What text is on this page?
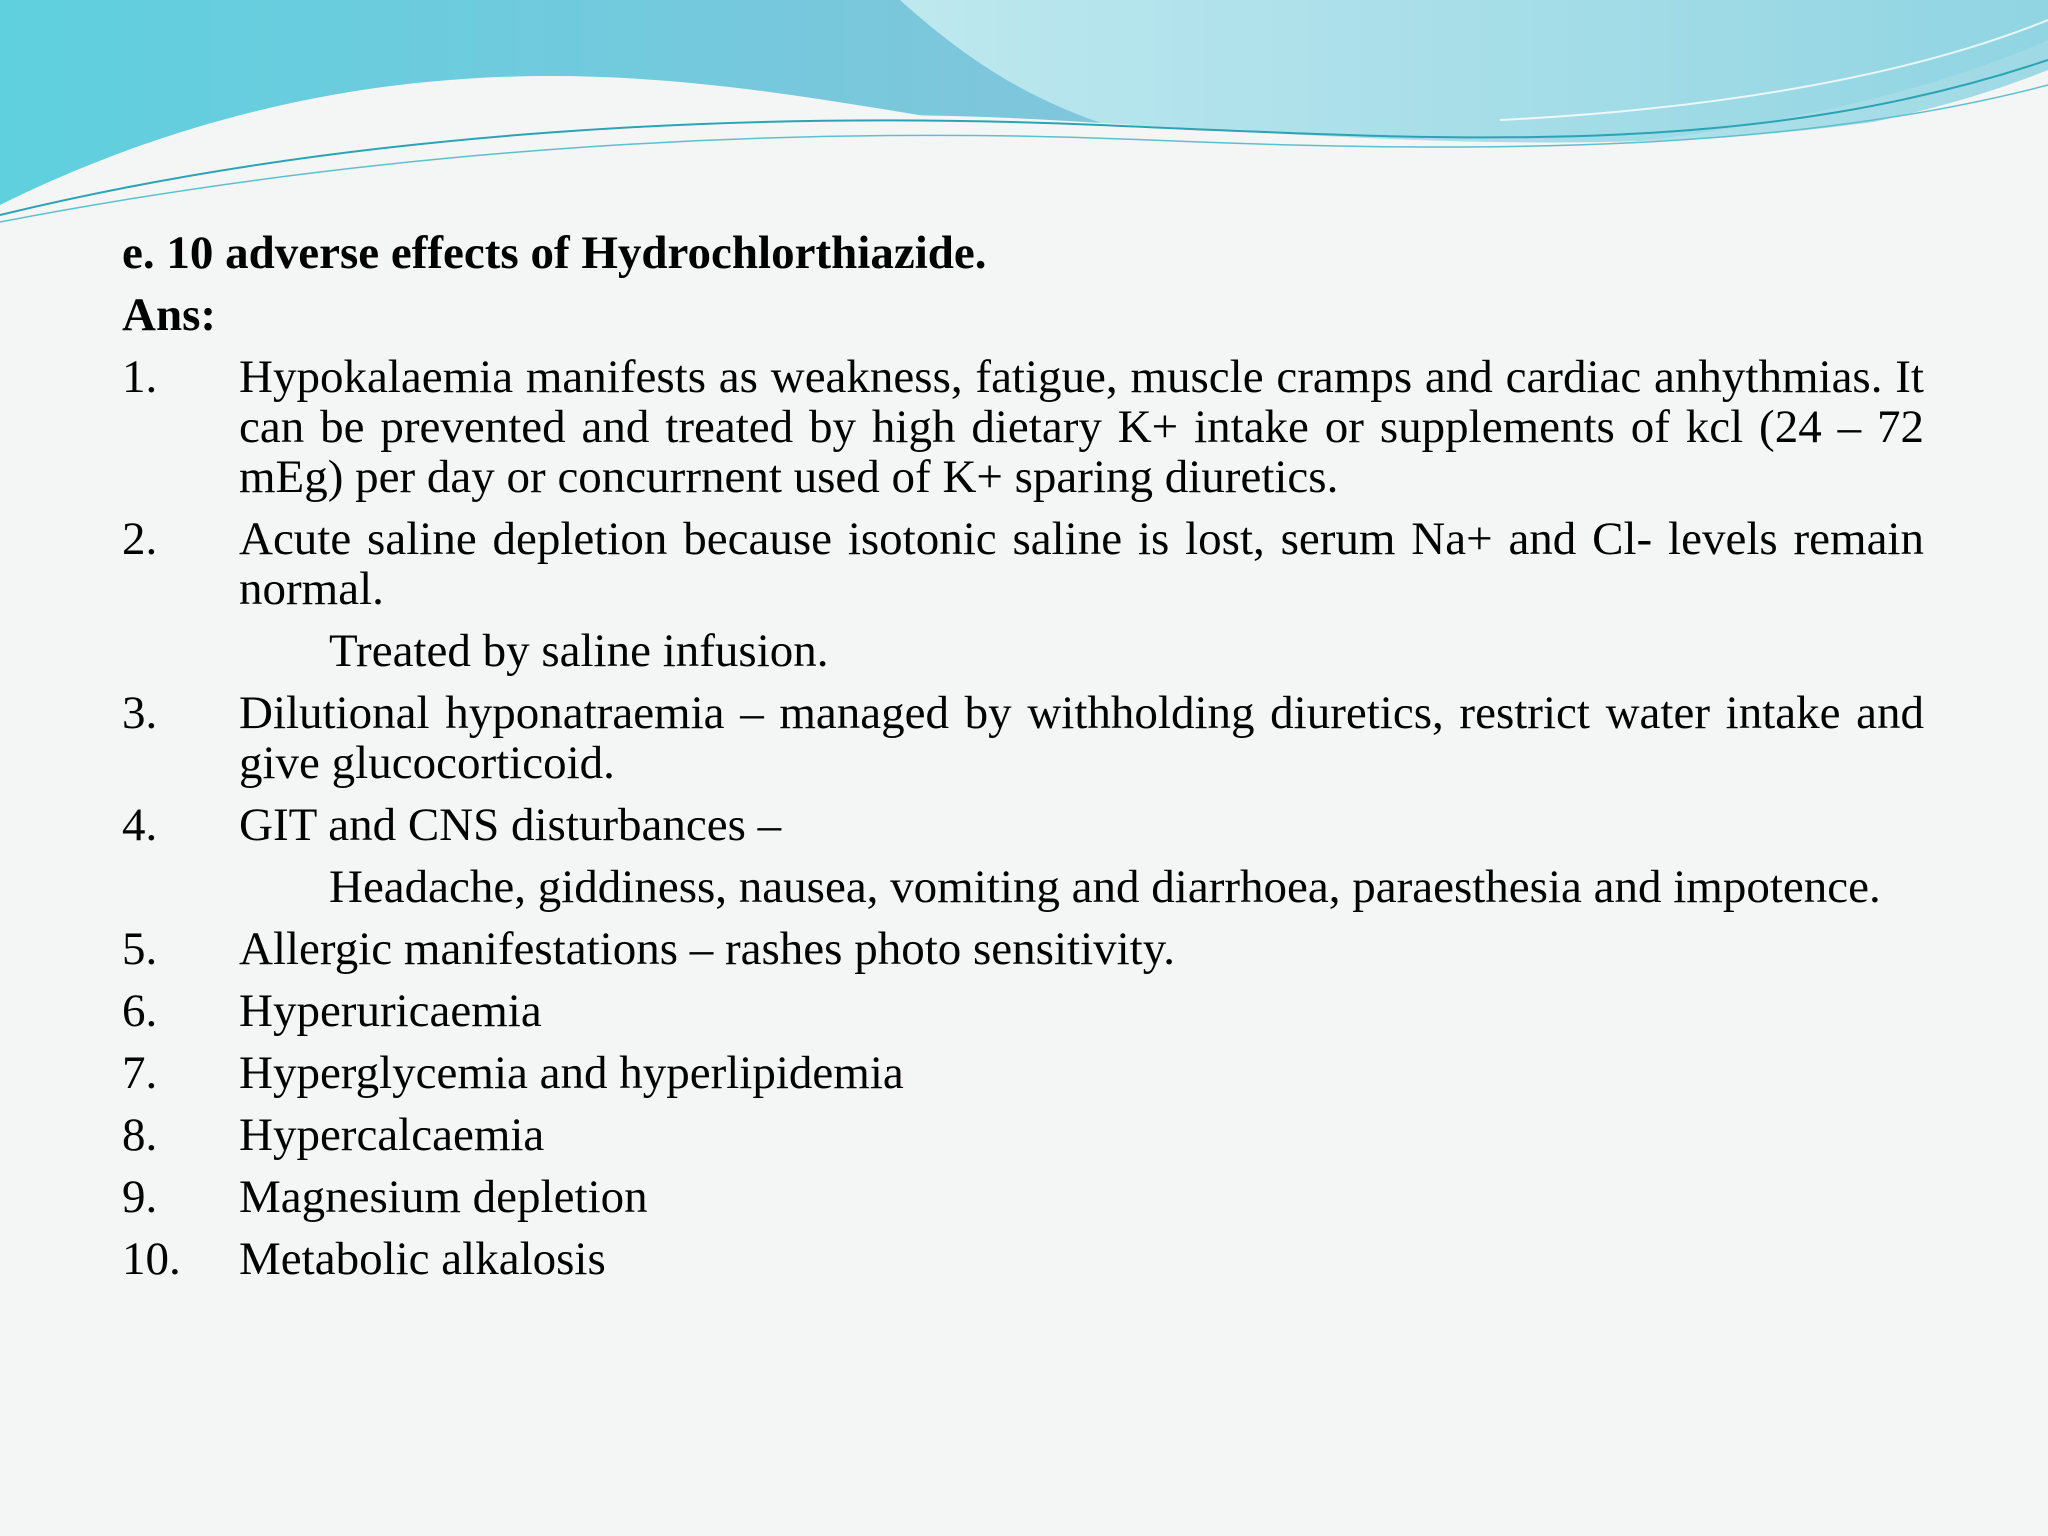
e. 10 adverse effects of Hydrochlorthiazide.

Ans:

1.	Hypokalaemia manifests as weakness, fatigue, muscle cramps and cardiac anhythmias. It can be prevented and treated by high dietary K+ intake or supplements of kcl (24 – 72 mEg) per day or concurrnent used of K+ sparing diuretics.
2.	Acute saline depletion because isotonic saline is lost, serum Na+ and Cl- levels remain normal.
Treated by saline infusion.
3.	Dilutional hyponatraemia – managed by withholding diuretics, restrict water intake and give glucocorticoid.
4.	GIT and CNS disturbances –
Headache, giddiness, nausea, vomiting and diarrhoea, paraesthesia and impotence.
5.	Allergic manifestations – rashes photo sensitivity.
6.	Hyperuricaemia
7.	Hyperglycemia and hyperlipidemia
8.	Hypercalcaemia
9.	Magnesium depletion
10.	Metabolic alkalosis
